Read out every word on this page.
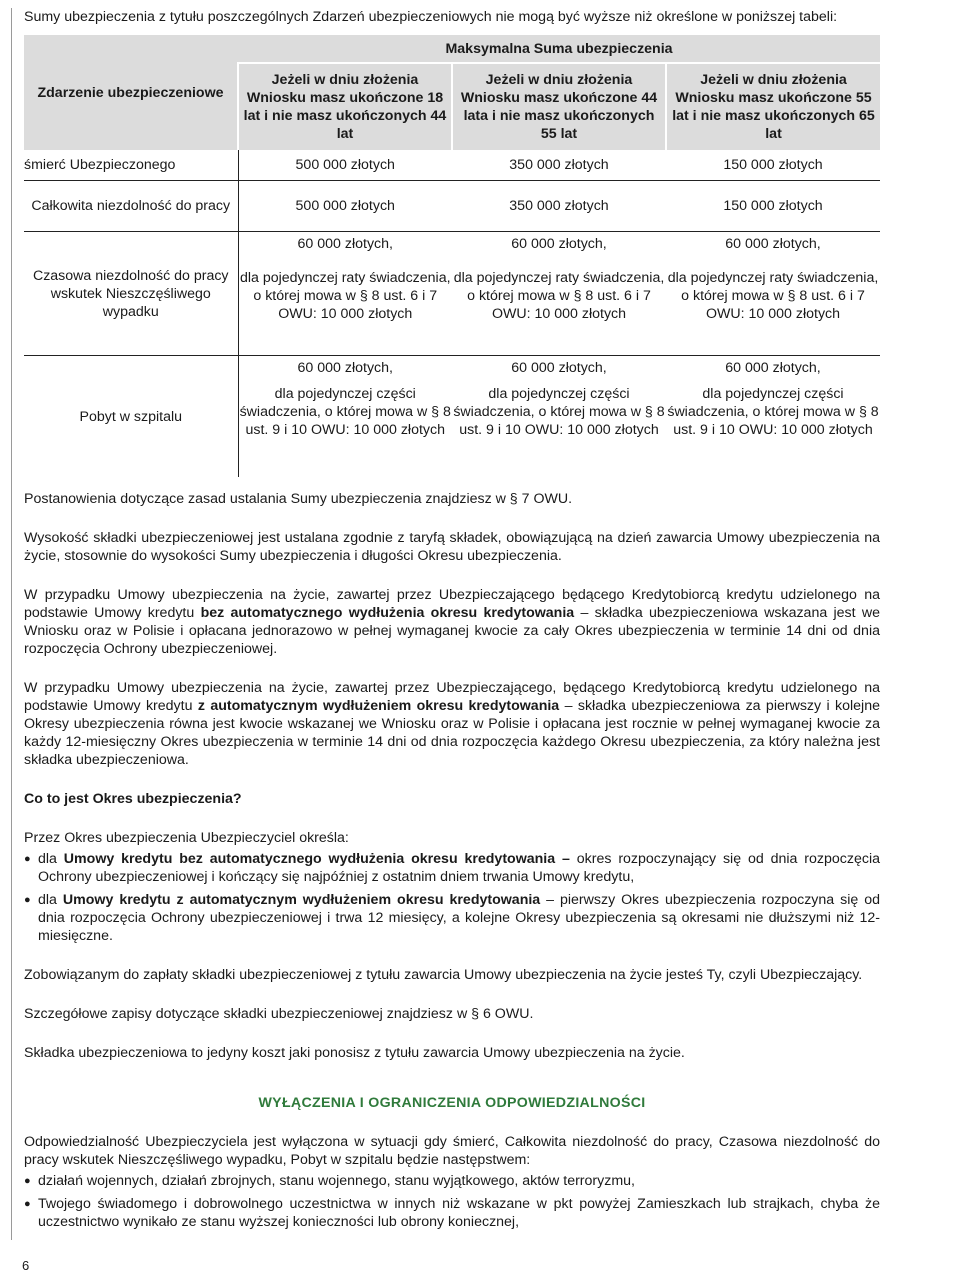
Sumy ubezpieczenia z tytułu poszczególnych Zdarzeń ubezpieczeniowych nie mogą być wyższe niż określone w poniższej tabeli:

Zdarzenie ubezpieczeniowe	Maksymalna Suma ubezpieczenia		
	Jeżeli w dniu złożenia Wniosku masz ukończone 18 lat i nie masz ukończonych 44 lat	Jeżeli w dniu złożenia Wniosku masz ukończone 44 lata i nie masz ukończonych 55 lat	Jeżeli w dniu złożenia Wniosku masz ukończone 55 lat i nie masz ukończonych 65 lat
śmierć Ubezpieczonego	500 000 złotych	350 000 złotych	150 000 złotych
Całkowita niezdolność do pracy	500 000 złotych	350 000 złotych	150 000 złotych
Czasowa niezdolność do pracy wskutek Nieszczęśliwego wypadku	60 000 złotych,
dla pojedynczej raty świadczenia, o której mowa w § 8 ust. 6 i 7 OWU: 10 000 złotych	60 000 złotych,
dla pojedynczej raty świadczenia, o której mowa w § 8 ust. 6 i 7 OWU: 10 000 złotych	60 000 złotych,
dla pojedynczej raty świadczenia, o której mowa w § 8 ust. 6 i 7 OWU: 10 000 złotych
Pobyt w szpitalu	60 000 złotych,
dla pojedynczej części świadczenia, o której mowa w § 8 ust. 9 i 10 OWU: 10 000 złotych	60 000 złotych,
dla pojedynczej części świadczenia, o której mowa w § 8 ust. 9 i 10 OWU: 10 000 złotych	60 000 złotych,
dla pojedynczej części świadczenia, o której mowa w § 8 ust. 9 i 10 OWU: 10 000 złotych

Postanowienia dotyczące zasad ustalania Sumy ubezpieczenia znajdziesz w § 7 OWU.

Wysokość składki ubezpieczeniowej jest ustalana zgodnie z taryfą składek, obowiązującą na dzień zawarcia Umowy ubezpieczenia na życie, stosownie do wysokości Sumy ubezpieczenia i długości Okresu ubezpieczenia.

W przypadku Umowy ubezpieczenia na życie, zawartej przez Ubezpieczającego będącego Kredytobiorcą kredytu udzielonego na podstawie Umowy kredytu bez automatycznego wydłużenia okresu kredytowania – składka ubezpieczeniowa wskazana jest we Wniosku oraz w Polisie i opłacana jednorazowo w pełnej wymaganej kwocie za cały Okres ubezpieczenia w terminie 14 dni od dnia rozpoczęcia Ochrony ubezpieczeniowej.

W przypadku Umowy ubezpieczenia na życie, zawartej przez Ubezpieczającego, będącego Kredytobiorcą kredytu udzielonego na podstawie Umowy kredytu z automatycznym wydłużeniem okresu kredytowania – składka ubezpieczeniowa za pierwszy i kolejne Okresy ubezpieczenia równa jest kwocie wskazanej we Wniosku oraz w Polisie i opłacana jest rocznie w pełnej wymaganej kwocie za każdy 12-miesięczny Okres ubezpieczenia w terminie 14 dni od dnia rozpoczęcia każdego Okresu ubezpieczenia, za który należna jest składka ubezpieczeniowa.

Co to jest Okres ubezpieczenia?

Przez Okres ubezpieczenia Ubezpieczyciel określa:

● dla Umowy kredytu bez automatycznego wydłużenia okresu kredytowania – okres rozpoczynający się od dnia rozpoczęcia Ochrony ubezpieczeniowej i kończący się najpóźniej z ostatnim dniem trwania Umowy kredytu,
● dla Umowy kredytu z automatycznym wydłużeniem okresu kredytowania – pierwszy Okres ubezpieczenia rozpoczyna się od dnia rozpoczęcia Ochrony ubezpieczeniowej i trwa 12 miesięcy, a kolejne Okresy ubezpieczenia są okresami nie dłuższymi niż 12-miesięczne.

Zobowiązanym do zapłaty składki ubezpieczeniowej z tytułu zawarcia Umowy ubezpieczenia na życie jesteś Ty, czyli Ubezpieczający.

Szczegółowe zapisy dotyczące składki ubezpieczeniowej znajdziesz w § 6 OWU.

Składka ubezpieczeniowa to jedyny koszt jaki ponosisz z tytułu zawarcia Umowy ubezpieczenia na życie.

WYŁĄCZENIA I OGRANICZENIA ODPOWIEDZIALNOŚCI

Odpowiedzialność Ubezpieczyciela jest wyłączona w sytuacji gdy śmierć, Całkowita niezdolność do pracy, Czasowa niezdolność do pracy wskutek Nieszczęśliwego wypadku, Pobyt w szpitalu będzie następstwem:

● działań wojennych, działań zbrojnych, stanu wojennego, stanu wyjątkowego, aktów terroryzmu,
● Twojego świadomego i dobrowolnego uczestnictwa w innych niż wskazane w pkt powyżej Zamieszkach lub strajkach, chyba że uczestnictwo wynikało ze stanu wyższej konieczności lub obrony koniecznej,
6
